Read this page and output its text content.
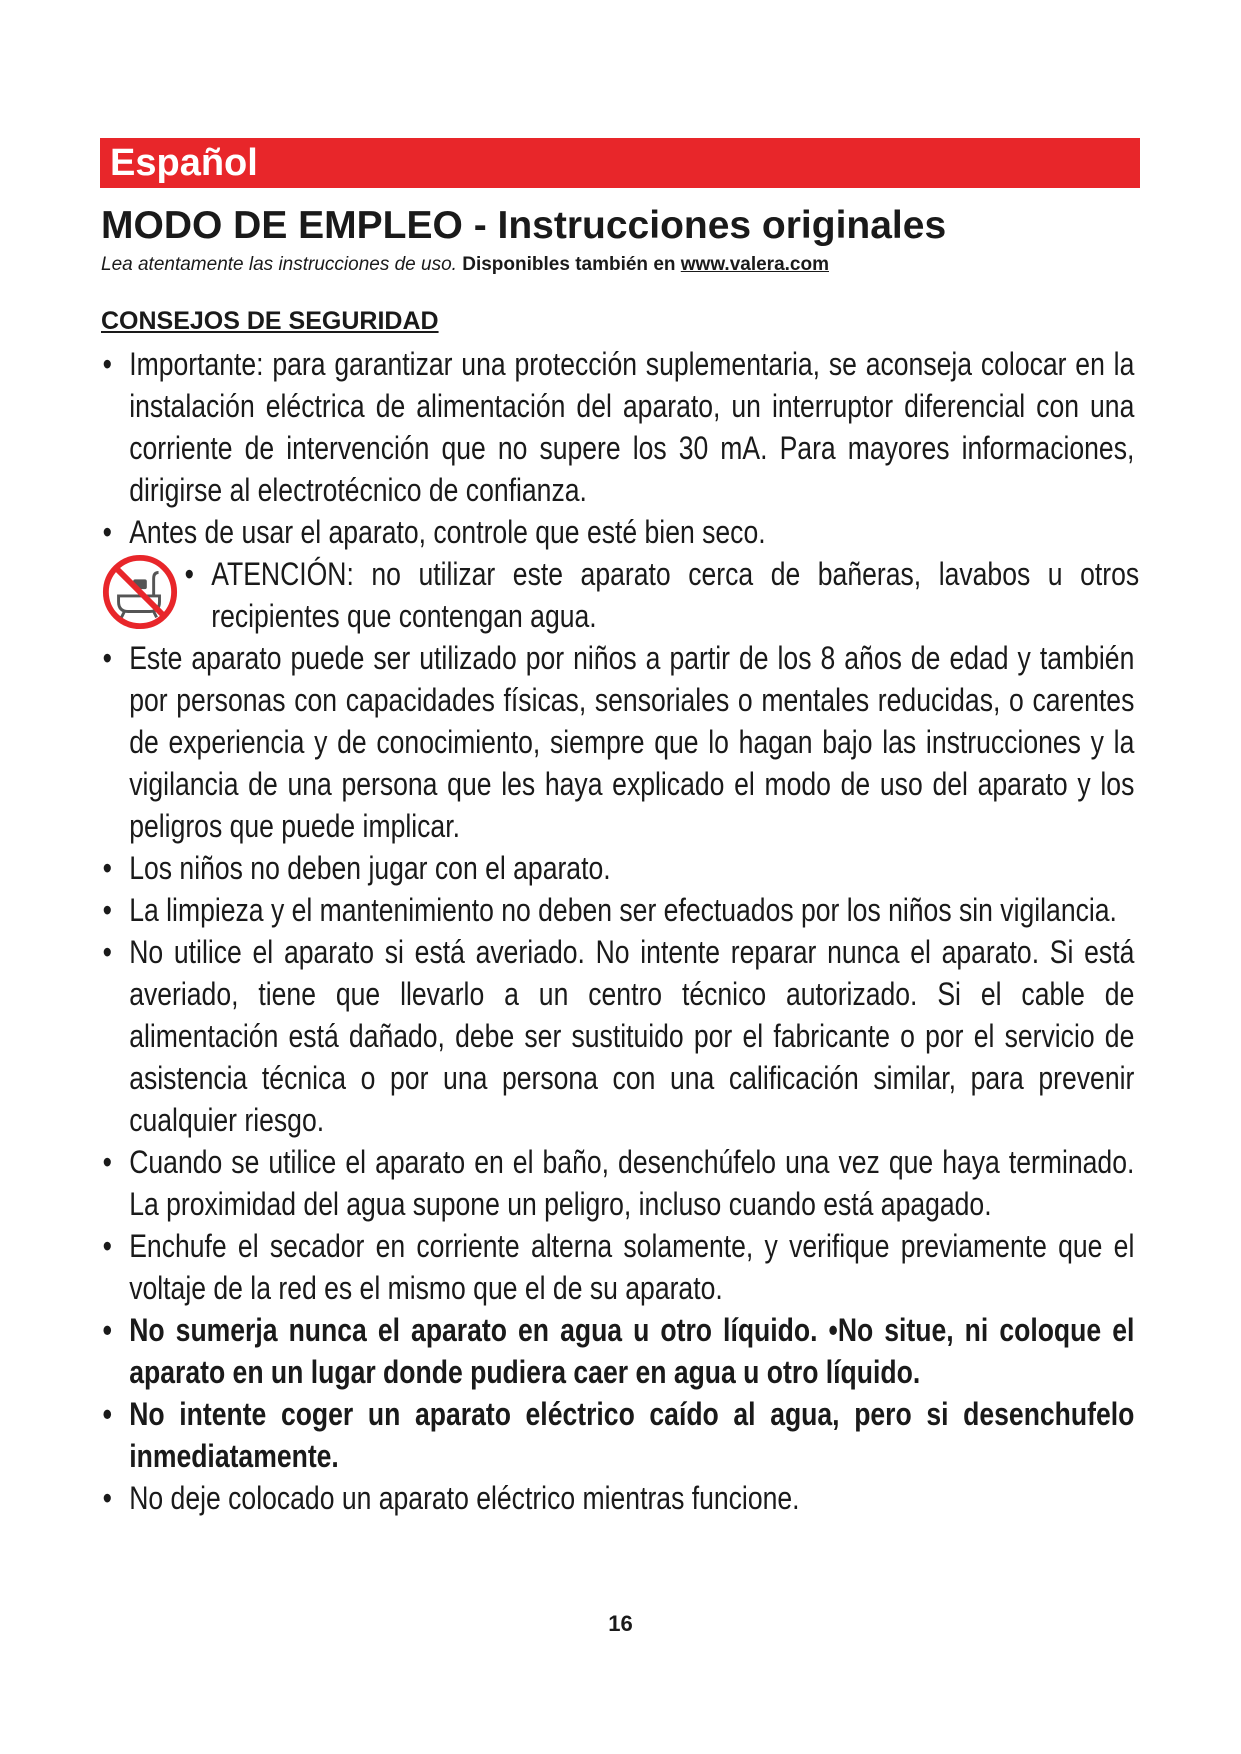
Español
MODO DE EMPLEO - Instrucciones originales
Lea atentamente las instrucciones de uso. Disponibles también en www.valera.com
CONSEJOS DE SEGURIDAD

• Importante: para garantizar una protección suplementaria, se aconseja colocar en la instalación eléctrica de alimentación del aparato, un interruptor diferencial con una corriente de intervención que no supere los 30 mA. Para mayores informaciones, dirigirse al electrotécnico de confianza.

• Antes de usar el aparato, controle que esté bien seco.

• ATENCIÓN: no utilizar este aparato cerca de bañeras, lavabos u otros recipientes que contengan agua.

• Este aparato puede ser utilizado por niños a partir de los 8 años de edad y también por personas con capacidades físicas, sensoriales o mentales reducidas, o carentes de experiencia y de conocimiento, siempre que lo hagan bajo las instrucciones y la vigilancia de una persona que les haya explicado el modo de uso del aparato y los peligros que puede implicar.

• Los niños no deben jugar con el aparato.

• La limpieza y el mantenimiento no deben ser efectuados por los niños sin vigilancia.

• No utilice el aparato si está averiado. No intente reparar nunca el aparato. Si está averiado, tiene que llevarlo a un centro técnico autorizado. Si el cable de alimentación está dañado, debe ser sustituido por el fabricante o por el servicio de asistencia técnica o por una persona con una calificación similar, para prevenir cualquier riesgo.

• Cuando se utilice el aparato en el baño, desenchúfelo una vez que haya terminado. La proximidad del agua supone un peligro, incluso cuando está apagado.

• Enchufe el secador en corriente alterna solamente, y verifique previamente que el voltaje de la red es el mismo que el de su aparato.

• No sumerja nunca el aparato en agua u otro líquido. •No situe, ni coloque el aparato en un lugar donde pudiera caer en agua u otro líquido.

• No intente coger un aparato eléctrico caído al agua, pero si desenchufelo inmediatamente.

• No deje colocado un aparato eléctrico mientras funcione.

16
